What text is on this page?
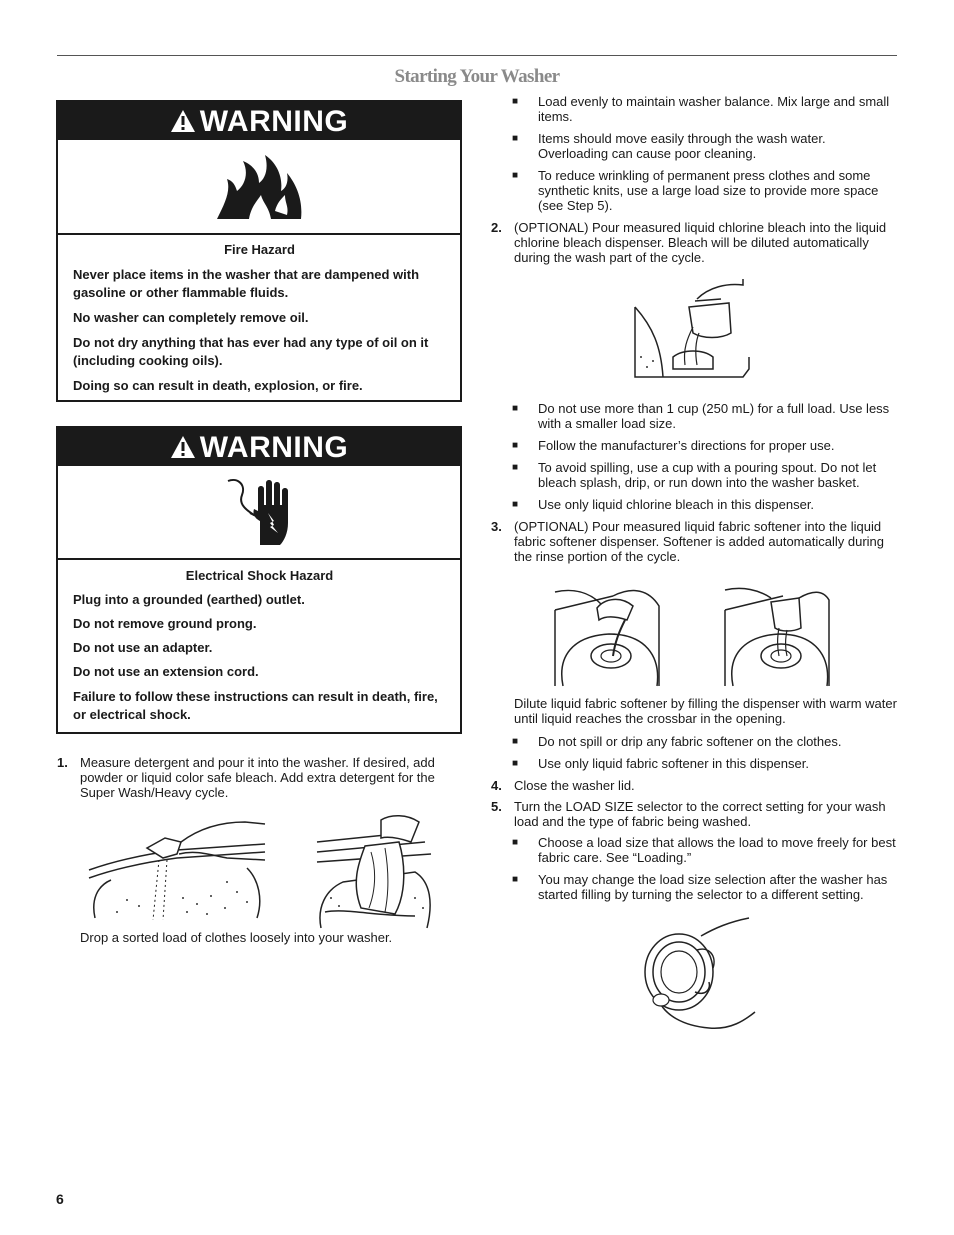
Starting Your Washer
WARNING

Fire Hazard

Never place items in the washer that are dampened with gasoline or other flammable fluids.

No washer can completely remove oil.

Do not dry anything that has ever had any type of oil on it (including cooking oils).

Doing so can result in death, explosion, or fire.

WARNING

Electrical Shock Hazard

Plug into a grounded (earthed) outlet.

Do not remove ground prong.

Do not use an adapter.

Do not use an extension cord.

Failure to follow these instructions can result in death, fire, or electrical shock.

1. Measure detergent and pour it into the washer. If desired, add powder or liquid color safe bleach. Add extra detergent for the Super Wash/Heavy cycle.
Drop a sorted load of clothes loosely into your washer.
■ Load evenly to maintain washer balance. Mix large and small items.
■ Items should move easily through the wash water. Overloading can cause poor cleaning.
■ To reduce wrinkling of permanent press clothes and some synthetic knits, use a large load size to provide more space (see Step 5).
2. (OPTIONAL) Pour measured liquid chlorine bleach into the liquid chlorine bleach dispenser. Bleach will be diluted automatically during the wash part of the cycle.
■ Do not use more than 1 cup (250 mL) for a full load. Use less with a smaller load size.
■ Follow the manufacturer’s directions for proper use.
■ To avoid spilling, use a cup with a pouring spout. Do not let bleach splash, drip, or run down into the washer basket.
■ Use only liquid chlorine bleach in this dispenser.
3. (OPTIONAL) Pour measured liquid fabric softener into the liquid fabric softener dispenser. Softener is added automatically during the rinse portion of the cycle.
Dilute liquid fabric softener by filling the dispenser with warm water until liquid reaches the crossbar in the opening.
■ Do not spill or drip any fabric softener on the clothes.
■ Use only liquid fabric softener in this dispenser.
4. Close the washer lid.
5. Turn the LOAD SIZE selector to the correct setting for your wash load and the type of fabric being washed.
■ Choose a load size that allows the load to move freely for best fabric care. See “Loading.”
■ You may change the load size selection after the washer has started filling by turning the selector to a different setting.
6
